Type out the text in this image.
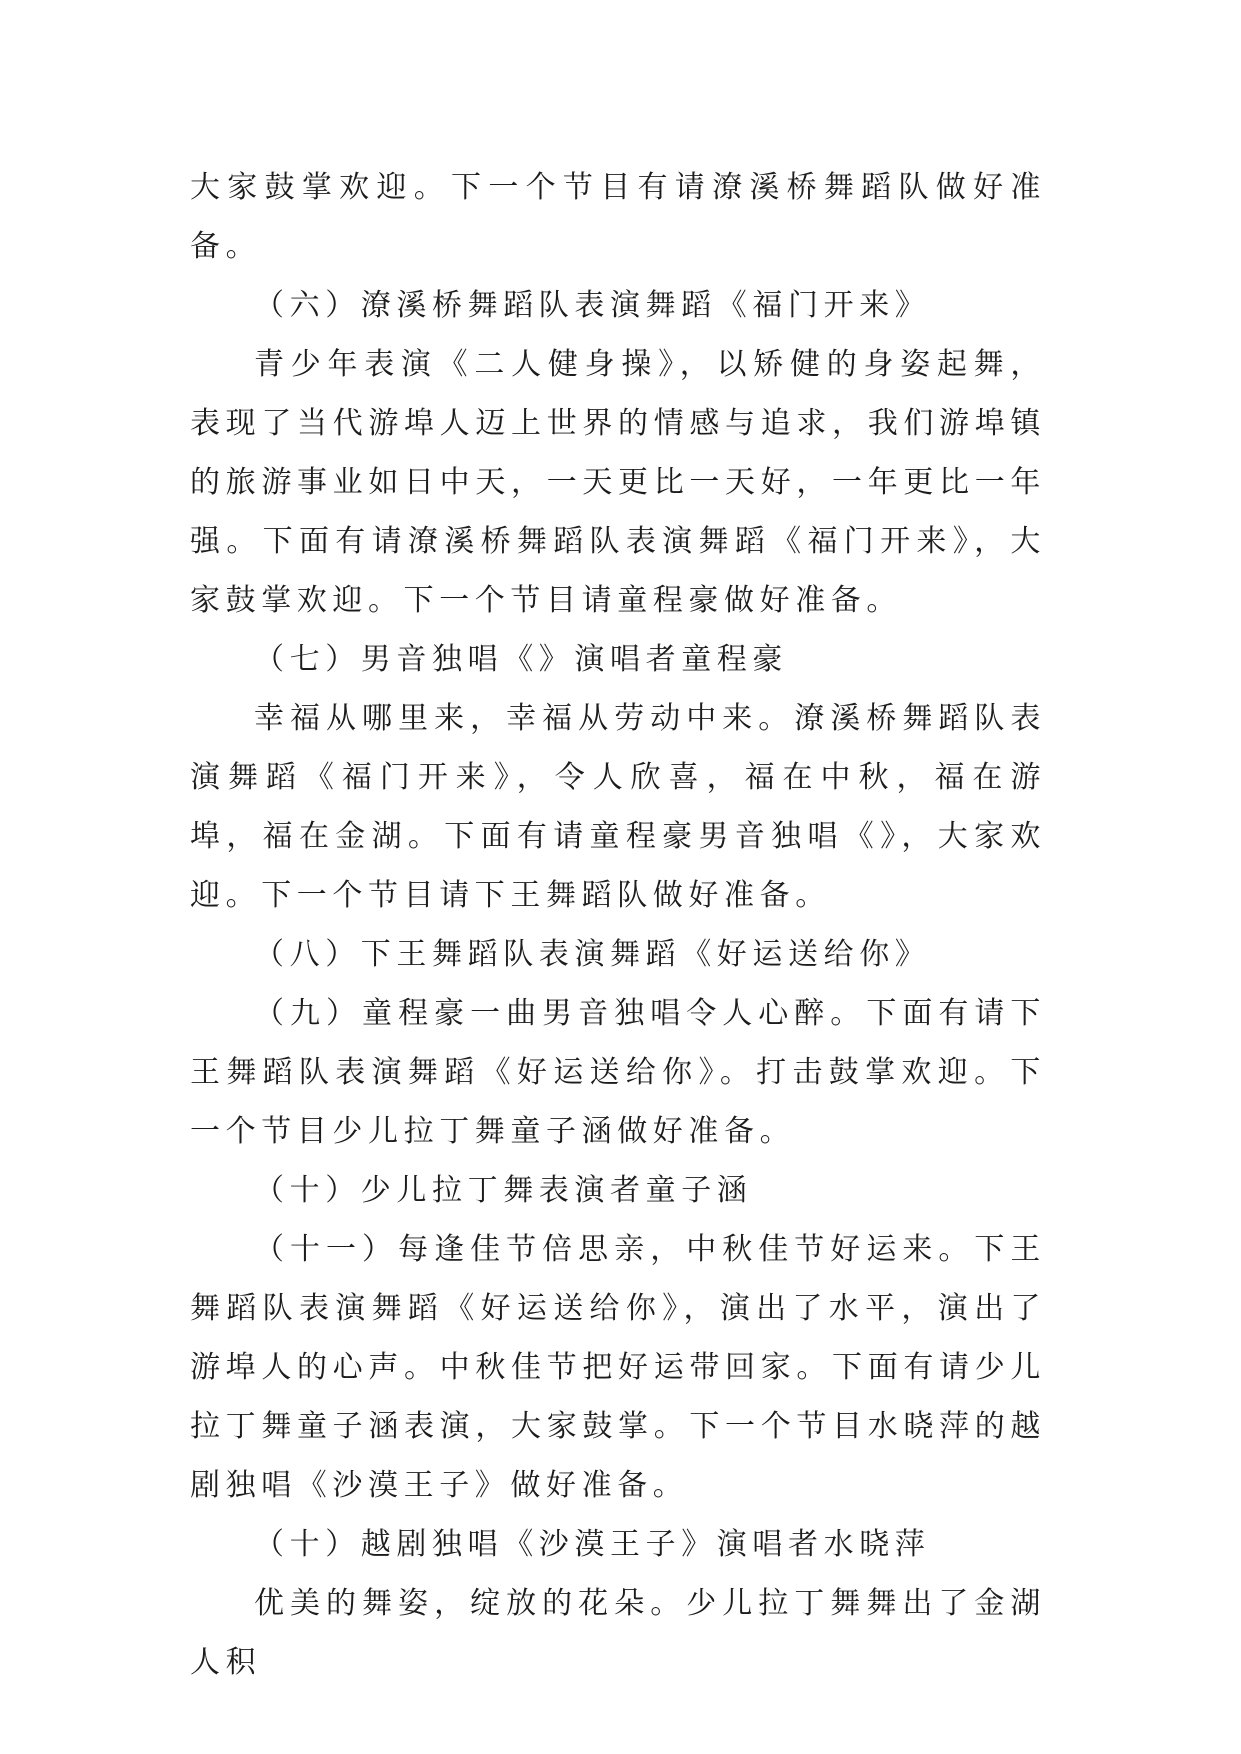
大家鼓掌欢迎。下一个节目有请潦溪桥舞蹈队做好准备。

（六）潦溪桥舞蹈队表演舞蹈《福门开来》

青少年表演《二人健身操》，以矫健的身姿起舞，表现了当代游埠人迈上世界的情感与追求，我们游埠镇的旅游事业如日中天，一天更比一天好，一年更比一年强。下面有请潦溪桥舞蹈队表演舞蹈《福门开来》，大家鼓掌欢迎。下一个节目请童程豪做好准备。

（七）男音独唱《》演唱者童程豪

幸福从哪里来，幸福从劳动中来。潦溪桥舞蹈队表演舞蹈《福门开来》，令人欣喜，福在中秋，福在游埠，福在金湖。下面有请童程豪男音独唱《》，大家欢迎。下一个节目请下王舞蹈队做好准备。

（八）下王舞蹈队表演舞蹈《好运送给你》

（九）童程豪一曲男音独唱令人心醉。下面有请下王舞蹈队表演舞蹈《好运送给你》。打击鼓掌欢迎。下一个节目少儿拉丁舞童子涵做好准备。

（十）少儿拉丁舞表演者童子涵

（十一）每逢佳节倍思亲，中秋佳节好运来。下王舞蹈队表演舞蹈《好运送给你》，演出了水平，演出了游埠人的心声。中秋佳节把好运带回家。下面有请少儿拉丁舞童子涵表演，大家鼓掌。下一个节目水晓萍的越剧独唱《沙漠王子》做好准备。

（十）越剧独唱《沙漠王子》演唱者水晓萍

优美的舞姿，绽放的花朵。少儿拉丁舞舞出了金湖人积
